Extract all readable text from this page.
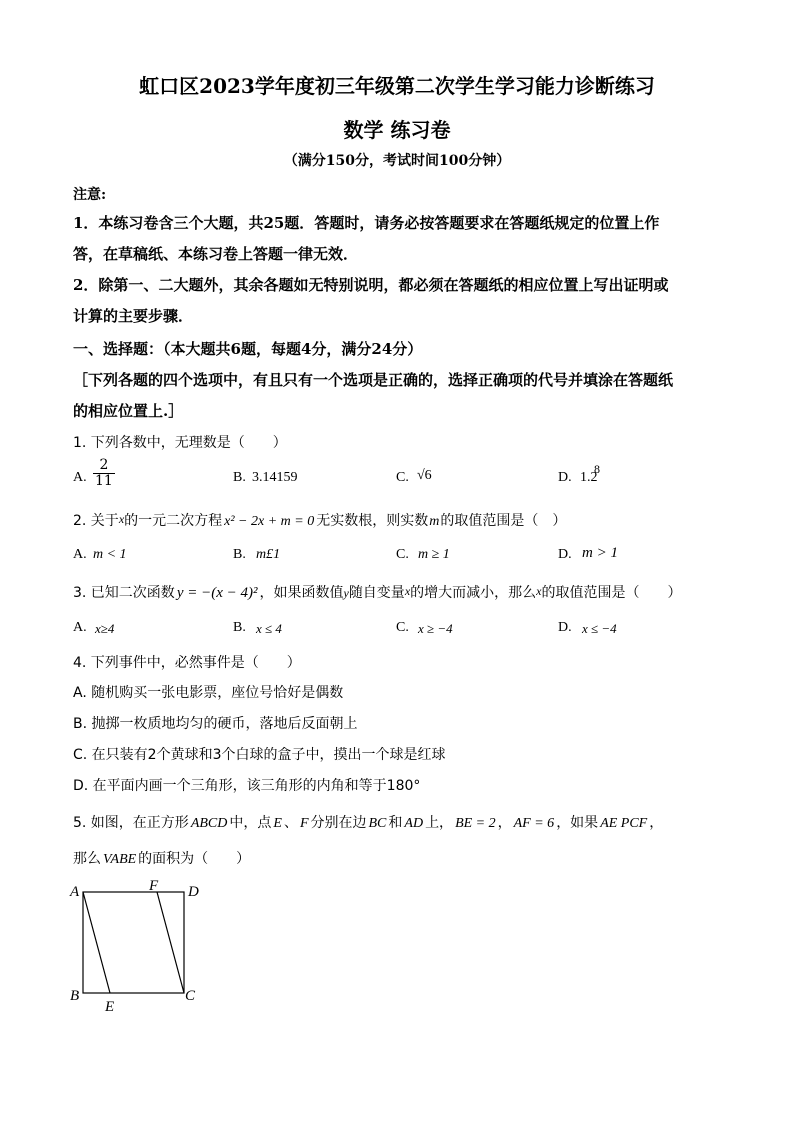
虹口区2023学年度初三年级第二次学生学习能力诊断练习
数学 练习卷
（满分150分，考试时间100分钟）
注意:
1．本练习卷含三个大题，共25题．答题时，请务必按答题要求在答题纸规定的位置上作
答，在草稿纸、本练习卷上答题一律无效．
2．除第一、二大题外，其余各题如无特别说明，都必须在答题纸的相应位置上写出证明或
计算的主要步骤．
一、选择题：（本大题共6题，每题4分，满分24分）
［下列各题的四个选项中，有且只有一个选项是正确的，选择正确项的代号并填涂在答题纸
的相应位置上.］
1. 下列各数中，无理数是（　　）
A. $\frac{2}{11}$	B. 3.14159	C. √6	D. 1.2
8
2. 关于x的一元二次方程 x² − 2x + m = 0 无实数根，则实数m的取值范围是（　）
A. m < 1	B. m£1	C. m ≥ 1	D. m > 1
3. 已知二次函数 y = −(x − 4)² ，如果函数值y随自变量x的增大而减小，那么x的取值范围是（　　）
A. x≥4	B. x ≤ 4	C. x ≥ −4	D. x ≤ −4
4. 下列事件中，必然事件是（　　）
A. 随机购买一张电影票，座位号恰好是偶数
B. 抛掷一枚质地均匀的硬币，落地后反面朝上
C. 在只装有2个黄球和3个白球的盒子中，摸出一个球是红球
D. 在平面内画一个三角形，该三角形的内角和等于180°
5. 如图，在正方形 ABCD 中，点 E 、 F 分别在边 BC 和 AD 上， BE = 2 ， AF = 6 ，如果 AE PCF ，
那么 VABE 的面积为（　　）
A	F D
B
E
C
